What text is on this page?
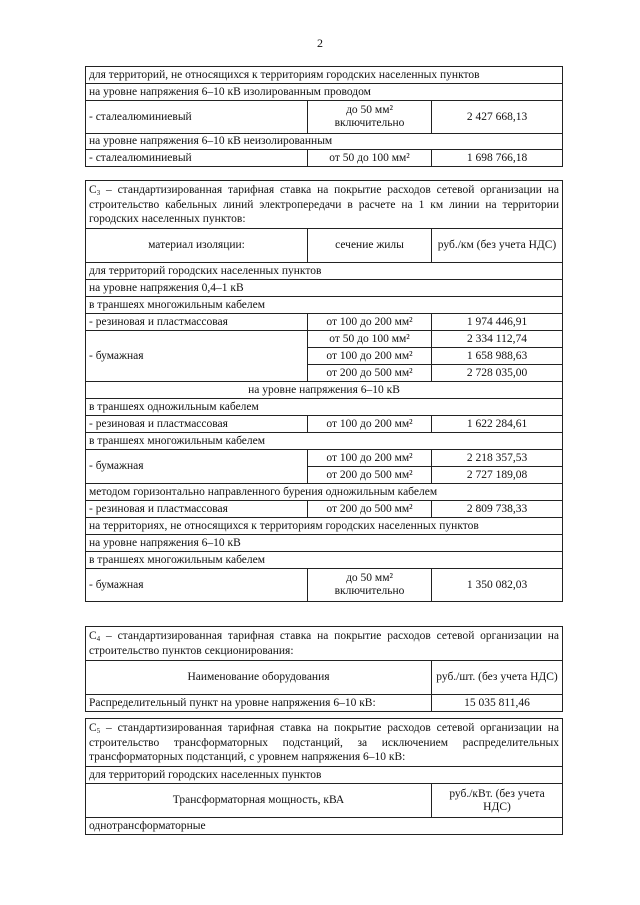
2
для территорий, не относящихся к территориям городских населенных пунктов		
на уровне напряжения 6–10 кВ изолированным проводом		
- сталеалюминиевый	до 50 мм² включительно	2 427 668,13
на уровне напряжения 6–10 кВ неизолированным		
- сталеалюминиевый	от 50 до 100 мм²	1 698 766,18
С3 – стандартизированная тарифная ставка на покрытие расходов сетевой организации на строительство кабельных линий электропередачи в расчете на 1 км линии на территории городских населенных пунктов:		
материал изоляции:	сечение жилы	руб./км (без учета НДС)
для территорий городских населенных пунктов		
на уровне напряжения 0,4–1 кВ		
в траншеях многожильным кабелем		
- резиновая и пластмассовая	от 100 до 200 мм²	1 974 446,91
- бумажная	от 50 до 100 мм²	2 334 112,74
	от 100 до 200 мм²	1 658 988,63
	от 200 до 500 мм²	2 728 035,00
на уровне напряжения 6–10 кВ		
в траншеях одножильным кабелем		
- резиновая и пластмассовая	от 100 до 200 мм²	1 622 284,61
в траншеях многожильным кабелем		
- бумажная	от 100 до 200 мм²	2 218 357,53
	от 200 до 500 мм²	2 727 189,08
методом горизонтально направленного бурения одножильным кабелем		
- резиновая и пластмассовая	от 200 до 500 мм²	2 809 738,33
на территориях, не относящихся к территориям городских населенных пунктов		
на уровне напряжения 6–10 кВ		
в траншеях многожильным кабелем		
- бумажная	до 50 мм² включительно	1 350 082,03
С4 – стандартизированная тарифная ставка на покрытие расходов сетевой организации на строительство пунктов секционирования:	
Наименование оборудования	руб./шт. (без учета НДС)
Распределительный пункт на уровне напряжения 6–10 кВ:	15 035 811,46
С5 – стандартизированная тарифная ставка на покрытие расходов сетевой организации на строительство трансформаторных подстанций, за исключением распределительных трансформаторных подстанций, с уровнем напряжения 6–10 кВ:
для территорий городских населенных пунктов
Трансформаторная мощность, кВА	руб./кВт. (без учета НДС)
однотрансформаторные
